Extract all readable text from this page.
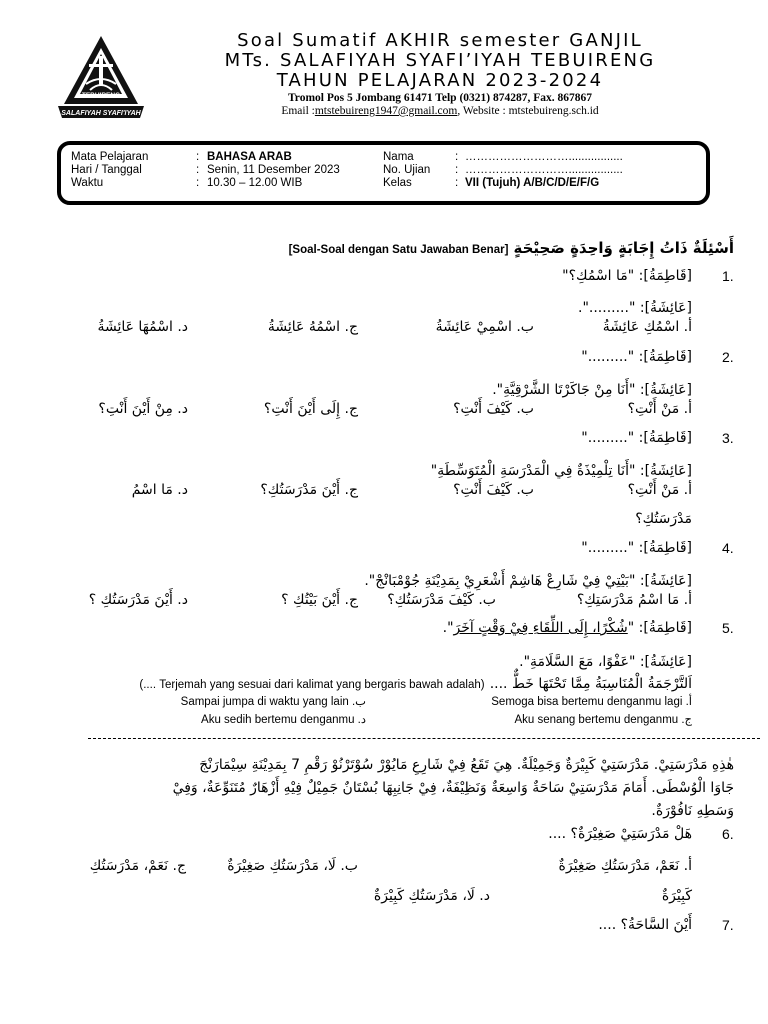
TEBUIRENG
SALAFIYAH SYAFI'IYAH
Soal Sumatif AKHIR semester GANJIL
MTs. SALAFIYAH SYAFI’IYAH TEBUIRENG
TAHUN PELAJARAN 2023-2024
Tromol Pos 5 Jombang 61471 Telp (0321) 874287, Fax. 867867
Email :mtstebuireng1947@gmail.com, Website : mtstebuireng.sch.id
Mata Pelajaran	: BAHASA ARAB
Hari / Tanggal	: Senin, 11 Desember 2023
Waktu	: 10.30 – 12.00 WIB
Nama	: ……………………….................
No. Ujian : ……………………….................
Kelas	: VII (Tujuh) A/B/C/D/E/F/G
أَسْئِلَةٌ ذَاتُ إِجَابَةٍ وَاحِدَةٍ صَحِيْحَةٍ [Soal-Soal dengan Satu Jawaban Benar]
1.
[قَاطِمَةُ]: "مَا اسْمُكِ؟"
[عَائِشَةُ]: ".........".
أ. اسْمُكِ عَائِشَةُ
ب. اسْمِيْ عَائِشَةُ
ج. اسْمُهُ عَائِشَةُ
د. اسْمُهَا عَائِشَةُ
2.
[قَاطِمَةُ]: "........."
[عَائِشَةُ]: "أَنَا مِنْ جَاكَرْتَا الشَّرْقِيَّةِ".
أ. مَنْ أَنْتِ؟
ب. كَيْفَ أَنْتِ؟
ج. إِلَى أَيْنَ أَنْتِ؟
د. مِنْ أَيْنَ أَنْتِ؟
3.
[قَاطِمَةُ]: "........."
[عَائِشَةُ]: "أَنَا تِلْمِيْذَةٌ فِي الْمَدْرَسَةِ الْمُتَوَسِّطَةِ"
أ. مَنْ أَنْتِ؟
ب. كَيْفَ أَنْتِ؟
ج. أَيْنَ مَدْرَسَتُكِ؟
د. مَا اسْمُ
مَدْرَسَتُكِ؟
4.
[قَاطِمَةُ]: "........."
[عَائِشَةُ]: "بَيْتِيْ فِيْ شَارِعْ هَاشِمْ أَشْعَرِيْ بِمَدِيْنَةِ جُوْمْبَانْجْ".
أ. مَا اسْمُ مَدْرَسَتِكِ؟
ب. كَيْفَ مَدْرَسَتُكِ؟
ج. أَيْنَ بَيْتُكِ ؟
د. أَيْنَ مَدْرَسَتُكِ ؟
5.
[قَاطِمَةُ]: "شُكْرًا، إِلَى اللِّقَاءِ فِيْ وَقْتٍ آخَرَ".
[عَائِشَةُ]: "عَفْوًا، مَعَ السَّلَامَةِ".
اَلتَّرْجَمَةُ الْمُنَاسِبَةُ مِمَّا تَحْتَهَا خَطٌّ .... (Terjemah yang sesuai dari kalimat yang bergaris bawah adalah ....)
أ. Semoga bisa bertemu denganmu lagi
ب. Sampai jumpa di waktu yang lain
ج. Aku senang bertemu denganmu
د. Aku sedih bertemu denganmu
هٰذِهِ مَدْرَسَتِيْ. مَدْرَسَتِيْ كَبِيْرَةٌ وَجَمِيْلَةٌ. هِيَ تَقَعُ فِيْ شَارِعِ مَايُوْرْ سُوْتَرْنُوْ رَقْمِ 7 بِمَدِيْنَةِ سِيْمَارَنْجَ
جَاوَا الْوُسْطَى. أَمَامَ مَدْرَسَتِيْ سَاحَةٌ وَاسِعَةٌ وَنَظِيْفَةٌ، فِيْ جَانِبِهَا بُسْتَانٌ جَمِيْلٌ فِيْهِ أَزْهَارٌ مُتَنَوِّعَةٌ، وَفِيْ
وَسَطِهِ نَافُوْرَةٌ.
6.
هَلْ مَدْرَسَتِيْ صَغِيْرَةٌ؟ ....
أ. نَعَمْ، مَدْرَسَتُكِ صَغِيْرَةٌ
ب. لَا، مَدْرَسَتُكِ صَغِيْرَةٌ
ج. نَعَمْ، مَدْرَسَتُكِ
كَبِيْرَةٌ
د. لَا، مَدْرَسَتُكِ كَبِيْرَةٌ
7.
أَيْنَ السَّاحَةُ؟ ....
